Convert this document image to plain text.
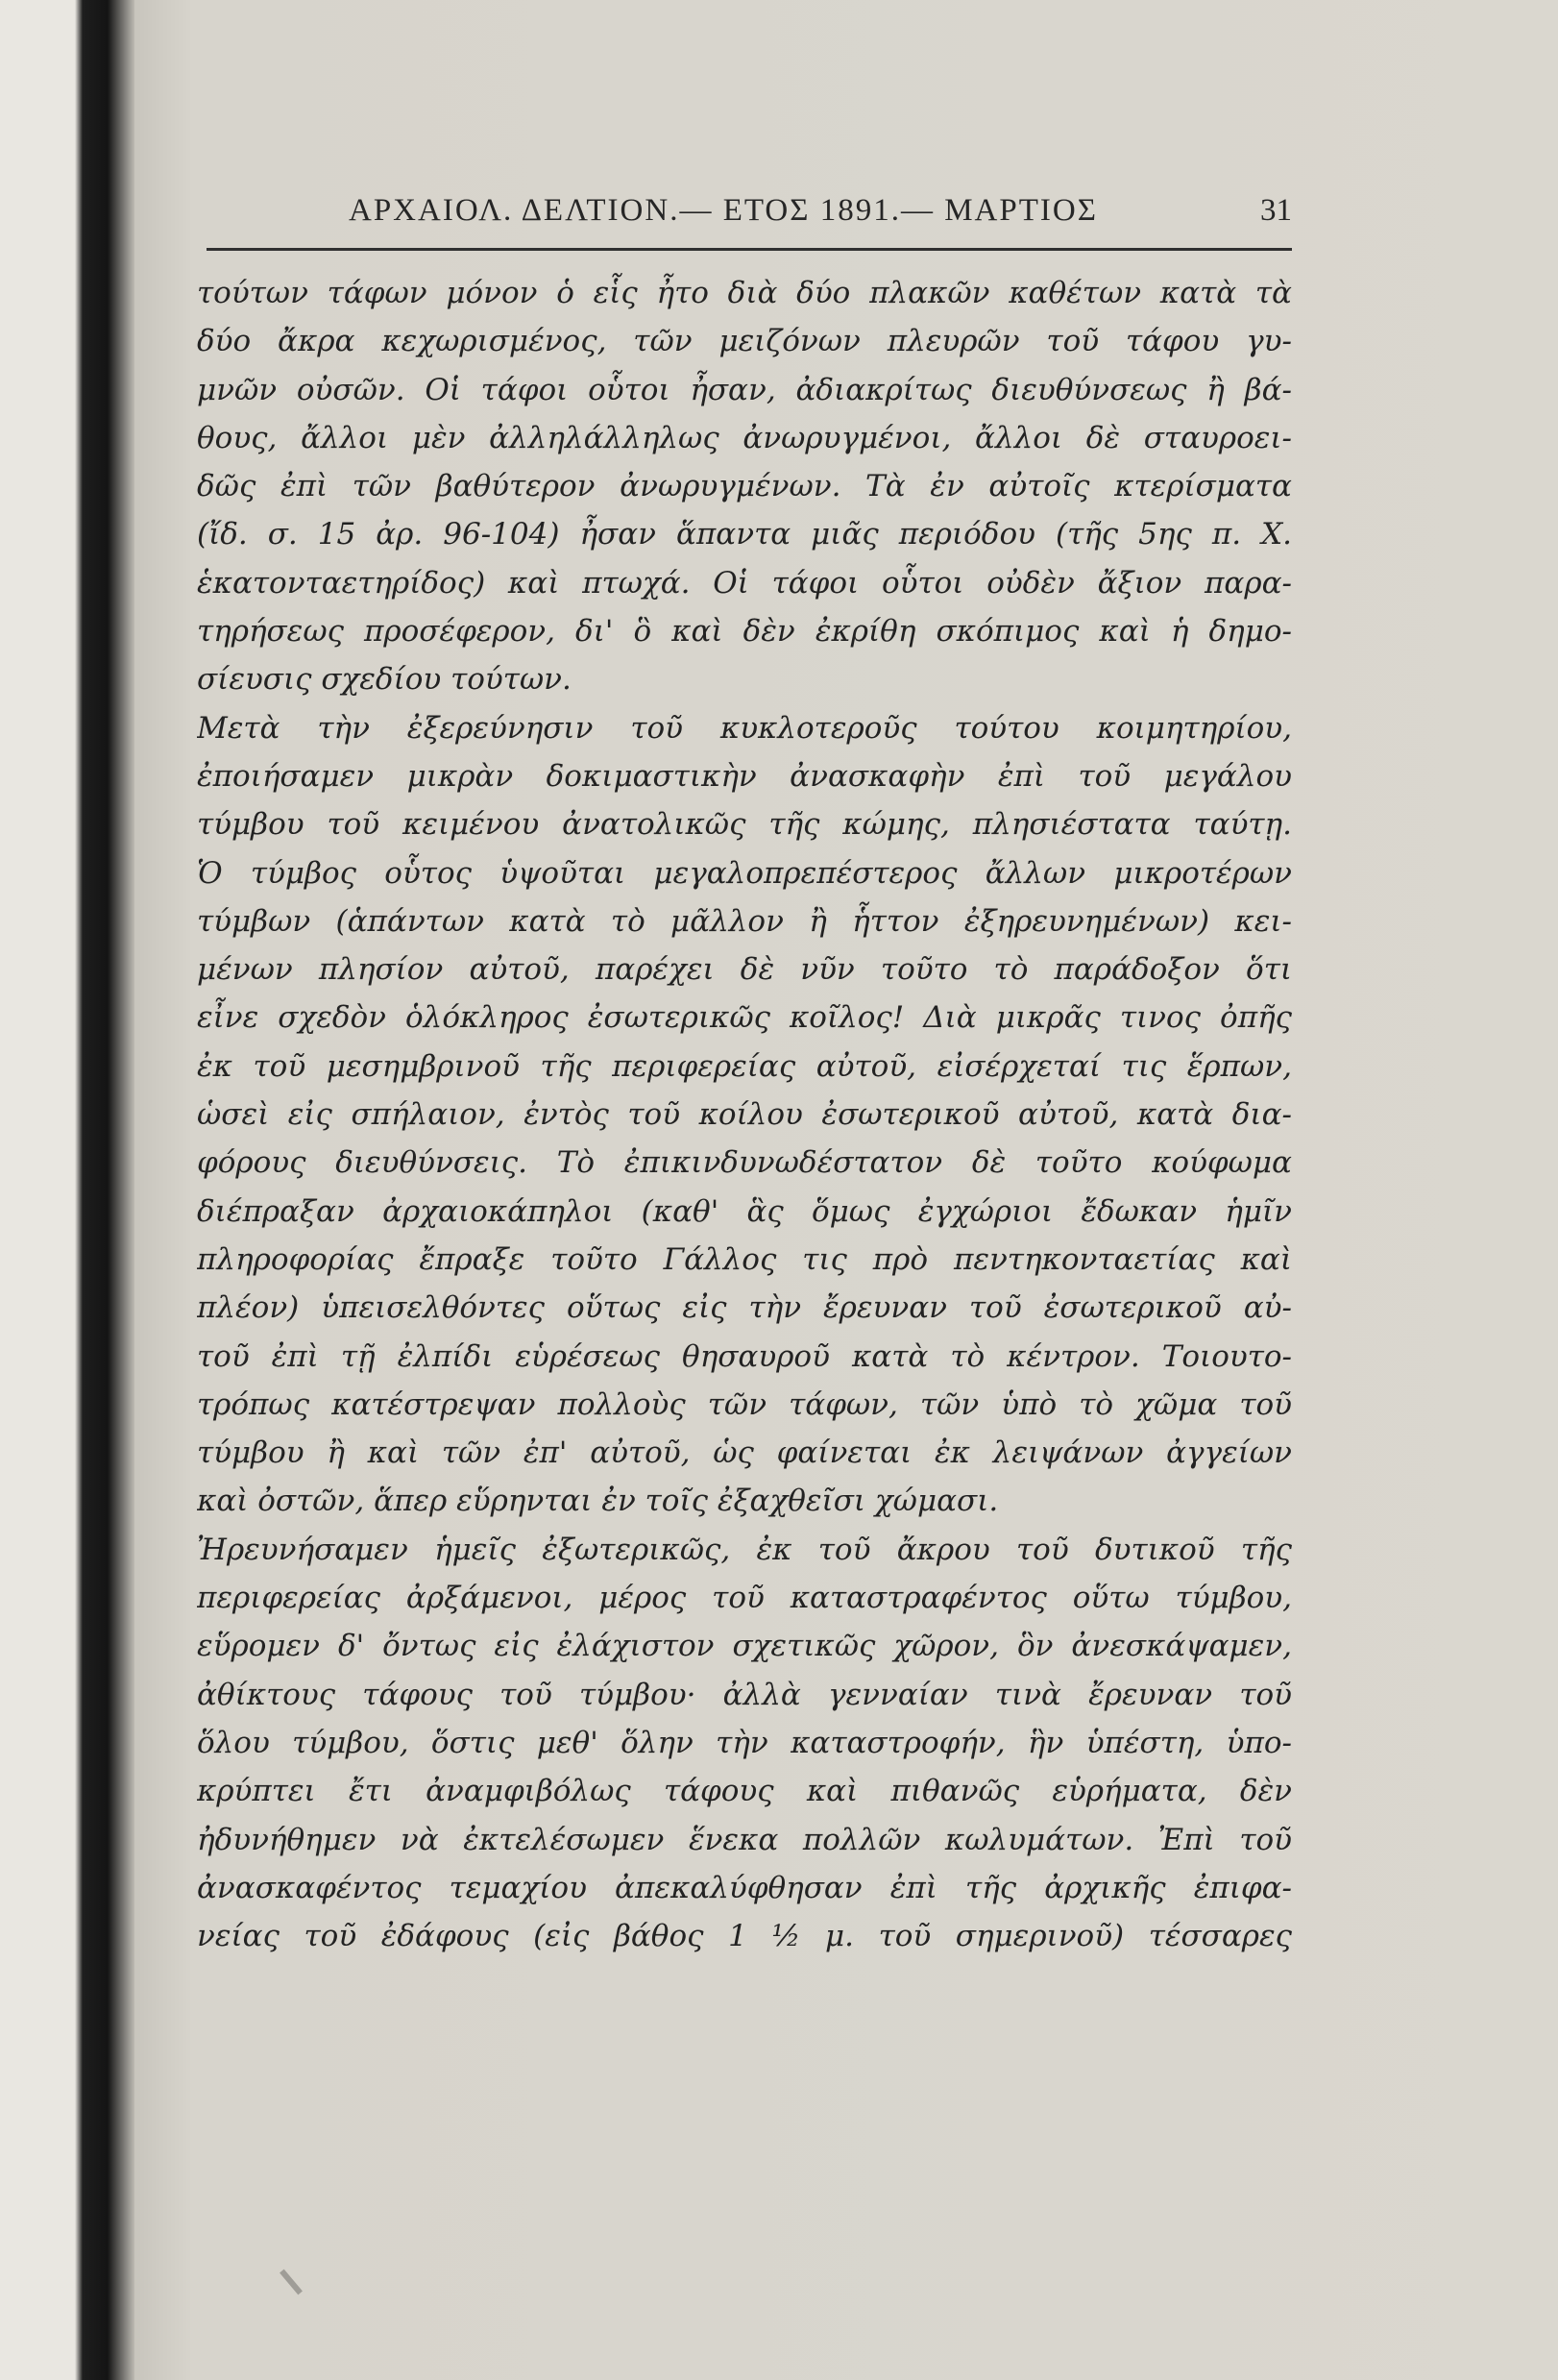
ΑΡΧΑΙΟΛ. ΔΕΛΤΙΟΝ.— ΕΤΟΣ 1891.— ΜΑΡΤΙΟΣ	31
τούτων τάφων μόνον ὁ εἷς ἦτο διὰ δύο πλακῶν καθέτων κατὰ τὰ
δύο ἄκρα κεχωρισμένος, τῶν μειζόνων πλευρῶν τοῦ τάφου γυ-
μνῶν οὐσῶν. Οἱ τάφοι οὗτοι ἦσαν, ἀδιακρίτως διευθύνσεως ἢ βά-
θους, ἄλλοι μὲν ἀλληλάλληλως ἀνωρυγμένοι, ἄλλοι δὲ σταυροει-
δῶς ἐπὶ τῶν βαθύτερον ἀνωρυγμένων. Τὰ ἐν αὐτοῖς κτερίσματα
(ἴδ. σ. 15 ἀρ. 96-104) ἦσαν ἅπαντα μιᾶς περιόδου (τῆς 5ης π. Χ.
ἑκατονταετηρίδος) καὶ πτωχά. Οἱ τάφοι οὗτοι οὐδὲν ἄξιον παρα-
τηρήσεως προσέφερον, δι' ὃ καὶ δὲν ἐκρίθη σκόπιμος καὶ ἡ δημο-
σίευσις σχεδίου τούτων.
Μετὰ τὴν ἐξερεύνησιν τοῦ κυκλοτεροῦς τούτου κοιμητηρίου,
ἐποιήσαμεν μικρὰν δοκιμαστικὴν ἀνασκαφὴν ἐπὶ τοῦ μεγάλου
τύμβου τοῦ κειμένου ἀνατολικῶς τῆς κώμης, πλησιέστατα ταύτῃ.
Ὁ τύμβος οὗτος ὑψοῦται μεγαλοπρεπέστερος ἄλλων μικροτέρων
τύμβων (ἁπάντων κατὰ τὸ μᾶλλον ἢ ἧττον ἐξηρευνημένων) κει-
μένων πλησίον αὐτοῦ, παρέχει δὲ νῦν τοῦτο τὸ παράδοξον ὅτι
εἶνε σχεδὸν ὁλόκληρος ἐσωτερικῶς κοῖλος! Διὰ μικρᾶς τινος ὀπῆς
ἐκ τοῦ μεσημβρινοῦ τῆς περιφερείας αὐτοῦ, εἰσέρχεταί τις ἕρπων,
ὡσεὶ εἰς σπήλαιον, ἐντὸς τοῦ κοίλου ἐσωτερικοῦ αὐτοῦ, κατὰ δια-
φόρους διευθύνσεις. Τὸ ἐπικινδυνωδέστατον δὲ τοῦτο κούφωμα
διέπραξαν ἀρχαιοκάπηλοι (καθ' ἃς ὅμως ἐγχώριοι ἔδωκαν ἡμῖν
πληροφορίας ἔπραξε τοῦτο Γάλλος τις πρὸ πεντηκονταετίας καὶ
πλέον) ὑπεισελθόντες οὕτως εἰς τὴν ἔρευναν τοῦ ἐσωτερικοῦ αὐ-
τοῦ ἐπὶ τῇ ἐλπίδι εὑρέσεως θησαυροῦ κατὰ τὸ κέντρον. Τοιουτο-
τρόπως κατέστρεψαν πολλοὺς τῶν τάφων, τῶν ὑπὸ τὸ χῶμα τοῦ
τύμβου ἢ καὶ τῶν ἐπ' αὐτοῦ, ὡς φαίνεται ἐκ λειψάνων ἀγγείων
καὶ ὀστῶν, ἅπερ εὕρηνται ἐν τοῖς ἐξαχθεῖσι χώμασι.
Ἠρευνήσαμεν ἡμεῖς ἐξωτερικῶς, ἐκ τοῦ ἄκρου τοῦ δυτικοῦ τῆς
περιφερείας ἀρξάμενοι, μέρος τοῦ καταστραφέντος οὕτω τύμβου,
εὕρομεν δ' ὄντως εἰς ἐλάχιστον σχετικῶς χῶρον, ὃν ἀνεσκάψαμεν,
ἀθίκτους τάφους τοῦ τύμβου· ἀλλὰ γενναίαν τινὰ ἔρευναν τοῦ
ὅλου τύμβου, ὅστις μεθ' ὅλην τὴν καταστροφήν, ἣν ὑπέστη, ὑπο-
κρύπτει ἔτι ἀναμφιβόλως τάφους καὶ πιθανῶς εὑρήματα, δὲν
ἠδυνήθημεν νὰ ἐκτελέσωμεν ἕνεκα πολλῶν κωλυμάτων. Ἐπὶ τοῦ
ἀνασκαφέντος τεμαχίου ἀπεκαλύφθησαν ἐπὶ τῆς ἀρχικῆς ἐπιφα-
νείας τοῦ ἐδάφους (εἰς βάθος 1 ½ μ. τοῦ σημερινοῦ) τέσσαρες
